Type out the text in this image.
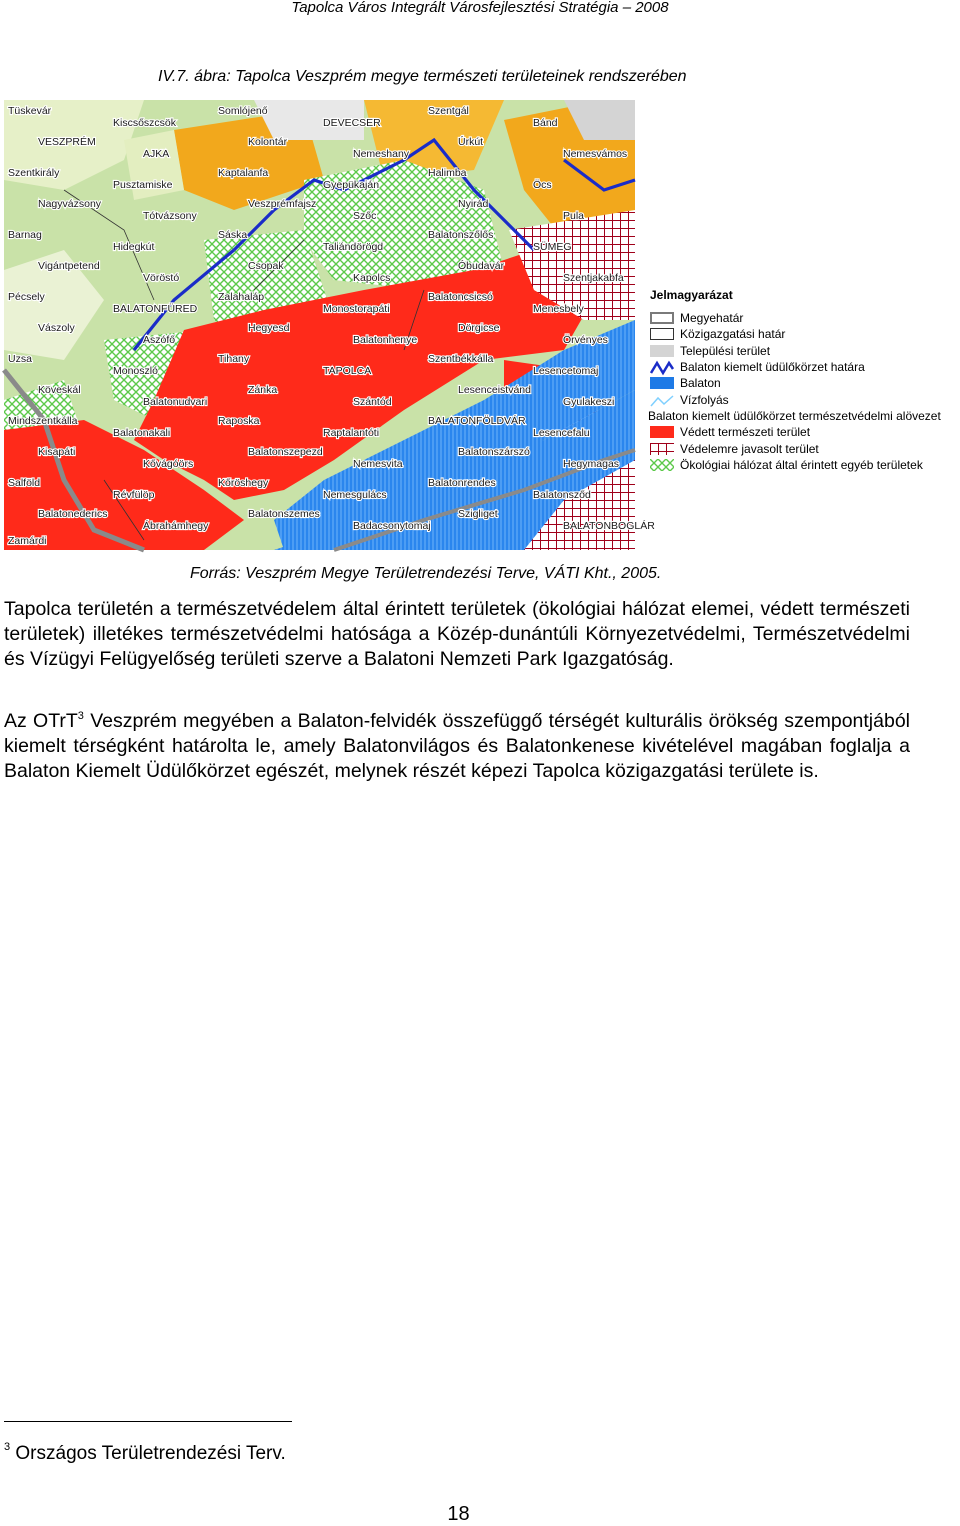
Tapolca Város Integrált Városfejlesztési Stratégia – 2008
IV.7. ábra: Tapolca Veszprém megye természeti területeinek rendszerében
Tüskevár
Kiscsőszcsök
Somlójenő
DEVECSER
Szentgál
Bánd
VESZPRÉM
AJKA
Kolontár
Nemeshany
Úrkút
Nemesvámos
Szentkirály
Pusztamiske
Kaptalanfa
Gyepükaján
Halimba
Öcs
Nagyvázsony
Tótvázsony
Veszprémfajsz
Szőc
Nyirád
Pula
Barnag
Hidegkút
Sáska
Taliándörögd
Balatonszőlős
SÜMEG
Vigántpetend
Vöröstó
Csopak
Kapolcs
Óbudavár
Szentjakabfa
Pécsely
BALATONFÜRED
Zalahaláp
Monostorapáti
Balatoncsicsó
Menesbely
Vászoly
Aszófő
Hegyesd
Balatonhenye
Dörgicse
Örvényes
Uzsa
Monoszló
Tihany
TAPOLCA
Szentbékkálla
Lesencetomaj
Köveskál
Balatonudvari
Zánka
Szántód
Lesenceistvánd
Gyulakeszi
Mindszentkálla
Balatonakali
Raposka
Raptalantóti
BALATONFÖLDVÁR
Lesencefalu
Kisapáti
Kővágóörs
Balatonszepezd
Nemesvita
Balatonszárszó
Hegymagas
Salföld
Révfülöp
Kőröshegy
Nemesgulács
Balatonrendes
Balatonsződ
Balatonederics
Ábrahámhegy
Balatonszemes
Badacsonytomaj
Szigliget
BALATONBOGLÁR
Zamárdi
Jelmagyarázat
Megyehatár
Közigazgatási határ
Települési terület
Balaton kiemelt üdülőkörzet határa
Balaton
Vízfolyás
Balaton kiemelt üdülőkörzet természetvédelmi alövezet
Védett természeti terület
Védelemre javasolt terület
Ökológiai hálózat által érintett egyéb területek
Forrás: Veszprém Megye Területrendezési Terve, VÁTI Kht., 2005.

Tapolca területén a természetvédelem által érintett területek (ökológiai hálózat elemei, védett természeti területek) illetékes természetvédelmi hatósága a Közép-dunántúli Környezetvédelmi, Természetvédelmi és Vízügyi Felügyelőség területi szerve a Balatoni Nemzeti Park Igazgatóság.

Az OTrT$^3$ Veszprém megyében a Balaton-felvidék összefüggő térségét kulturális örökség szempontjából kiemelt térségként határolta le, amely Balatonvilágos és Balatonkenese kivételével magában foglalja a Balaton Kiemelt Üdülőkörzet egészét, melynek részét képezi Tapolca közigazgatási területe is.

$^3$ Országos Területrendezési Terv.
18
